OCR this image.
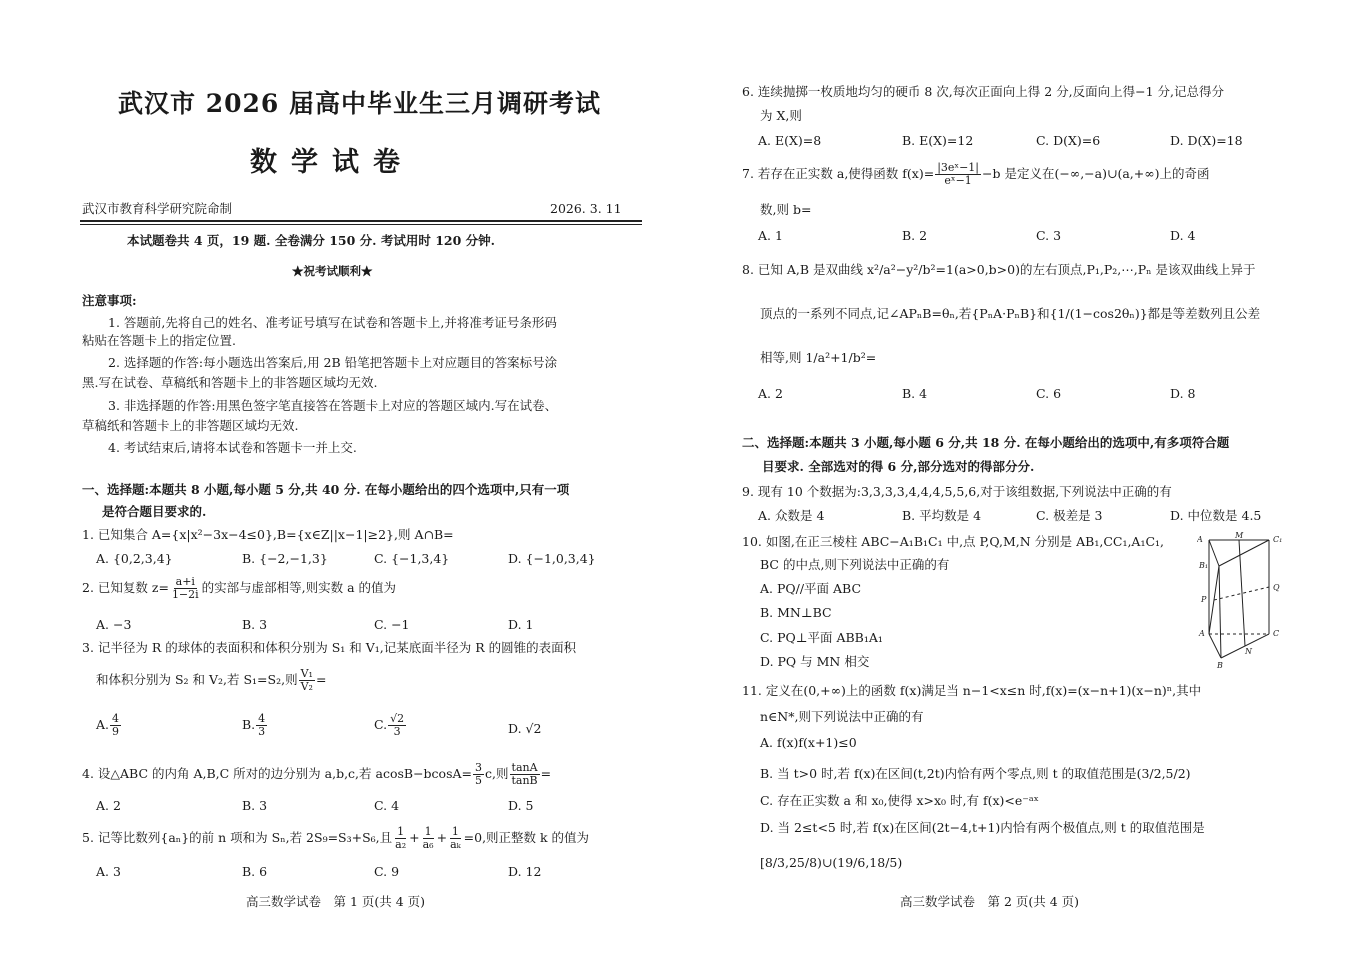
武汉市 2026 届高中毕业生三月调研考试
数学试卷
武汉市教育科学研究院命制	2026. 3. 11
本试题卷共 4 页，19 题. 全卷满分 150 分. 考试用时 120 分钟.
★祝考试顺利★
注意事项:
1. 答题前,先将自己的姓名、准考证号填写在试卷和答题卡上,并将准考证号条形码
粘贴在答题卡上的指定位置.
2. 选择题的作答:每小题选出答案后,用 2B 铅笔把答题卡上对应题目的答案标号涂
黑.写在试卷、草稿纸和答题卡上的非答题区域均无效.
3. 非选择题的作答:用黑色签字笔直接答在答题卡上对应的答题区域内.写在试卷、
草稿纸和答题卡上的非答题区域均无效.
4. 考试结束后,请将本试卷和答题卡一并上交.
一、选择题:本题共 8 小题,每小题 5 分,共 40 分. 在每小题给出的四个选项中,只有一项
是符合题目要求的.
1. 已知集合 A={x|x²−3x−4≤0},B={x∈Z||x−1|≥2},则 A∩B=
A. {0,2,3,4}	B. {−2,−1,3}	C. {−1,3,4}	D. {−1,0,3,4}
2. 已知复数 $z= \frac{a+i}{1-2i}$ 的实部与虚部相等,则实数 a 的值为
A. −3	B. 3	C. −1	D. 1
3. 记半径为 R 的球体的表面积和体积分别为 S₁ 和 V₁,记某底面半径为 R 的圆锥的表面积
和体积分别为 S₂ 和 V₂,若 S₁=S₂,则 $\frac{\text{V₁}}{\text{V₂}}$ =
A. $\frac{4}{9}$	B. $\frac{4}{3}$	C. $\frac{√2}{3}$	D. √2
4. 设△ABC 的内角 A,B,C 所对的边分别为 a,b,c,若 $acosB-bcosA= \frac{3}{5} c$,则 $\frac{\tan A}{\tan B}$ =
A. 2	B. 3	C. 4	D. 5
5. 记等比数列{aₙ}的前 n 项和为 Sₙ,若 2S₉=S₃+S₆,且 $\frac{1}{\text{a₂}} + \frac{1}{\text{a₆}} + \frac{1}{\text{aₖ}} =0$,则正整数 k 的值为
A. 3	B. 6	C. 9	D. 12
高三数学试卷　第 1 页(共 4 页)
6. 连续抛掷一枚质地均匀的硬币 8 次,每次正面向上得 2 分,反面向上得−1 分,记总得分
为 X,则
A. E(X)=8	B. E(X)=12	C. D(X)=6	D. D(X)=18
7. 若存在正实数 a,使得函数 $f(x)= \frac{\text{|3eˣ−1|}}{\text{eˣ−1}} -b$ 是定义在(−∞,−a)∪(a,+∞)上的奇函
数,则 b=
A. 1	B. 2	C. 3	D. 4
8. 已知 A,B 是双曲线 x²/a²−y²/b²=1(a>0,b>0)的左右顶点,P₁,P₂,⋯,Pₙ 是该双曲线上异于
顶点的一系列不同点,记∠APₙB=θₙ,若{PₙA·PₙB}和{1/(1−cos2θₙ)}都是等差数列且公差
相等,则 1/a²+1/b²=
A. 2	B. 4	C. 6	D. 8
二、选择题:本题共 3 小题,每小题 6 分,共 18 分. 在每小题给出的选项中,有多项符合题
目要求. 全部选对的得 6 分,部分选对的得部分分.
9. 现有 10 个数据为:3,3,3,3,4,4,4,5,5,6,对于该组数据,下列说法中正确的有
A. 众数是 4	B. 平均数是 4	C. 极差是 3	D. 中位数是 4.5
10. 如图,在正三棱柱 ABC−A₁B₁C₁ 中,点 P,Q,M,N 分别是 AB₁,CC₁,A₁C₁,
BC 的中点,则下列说法中正确的有
A. PQ//平面 ABC
B. MN⊥BC
C. PQ⊥平面 ABB₁A₁
D. PQ 与 MN 相交
A	M	C₁
B₁
P
Q
A	C
N
B
11. 定义在(0,+∞)上的函数 f(x)满足当 n−1<x≤n 时,f(x)=(x−n+1)(x−n)ⁿ,其中
n∈N*,则下列说法中正确的有
A. f(x)f(x+1)≤0
B. 当 t>0 时,若 f(x)在区间(t,2t)内恰有两个零点,则 t 的取值范围是(3/2,5/2)
C. 存在正实数 a 和 x₀,使得 x>x₀ 时,有 f(x)<e⁻ᵃˣ
D. 当 2≤t<5 时,若 f(x)在区间(2t−4,t+1)内恰有两个极值点,则 t 的取值范围是
[8/3,25/8)∪(19/6,18/5)
高三数学试卷　第 2 页(共 4 页)
